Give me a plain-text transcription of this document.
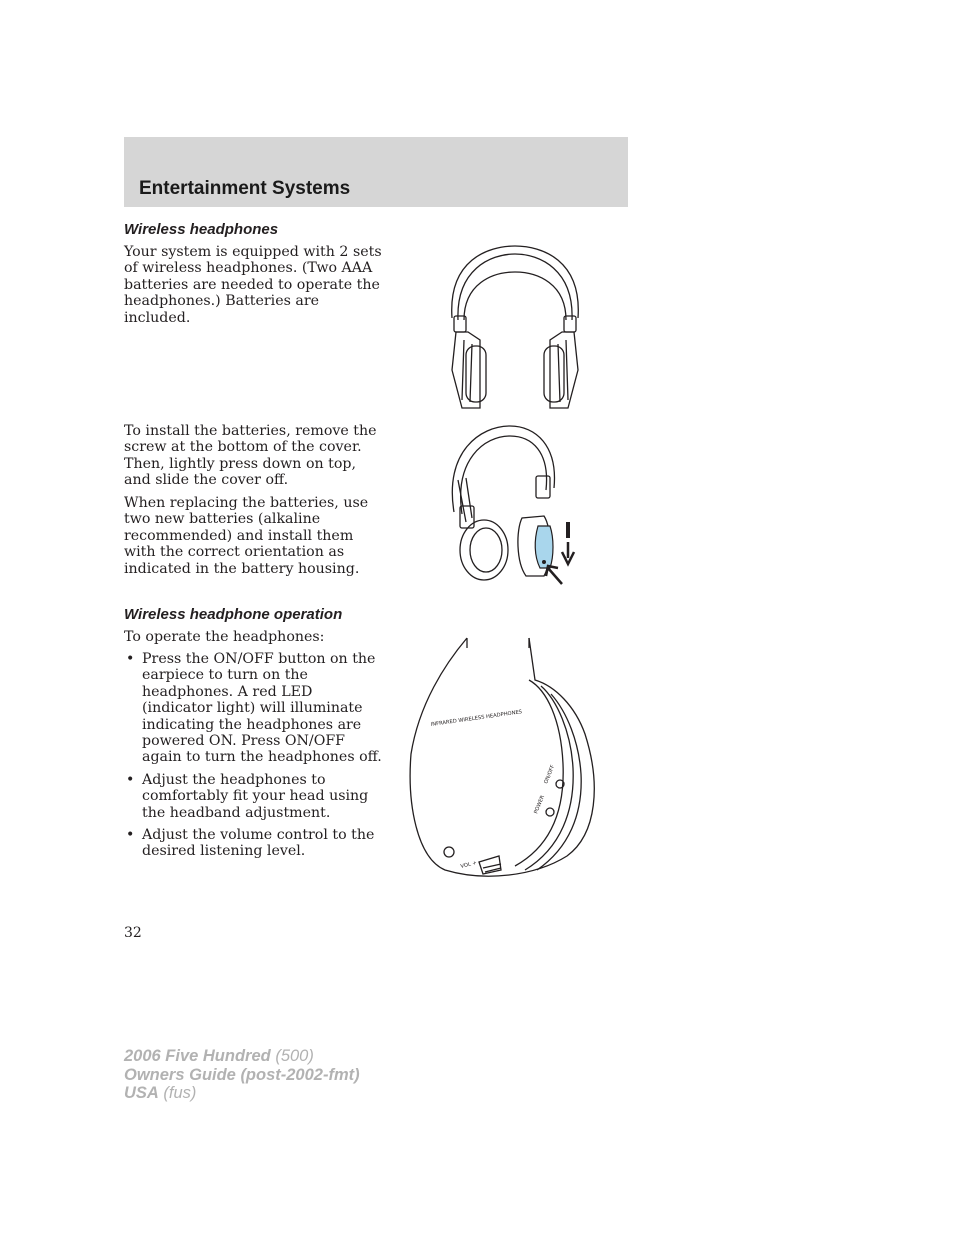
Entertainment Systems
Wireless headphones

Your system is equipped with 2 sets of wireless headphones. (Two AAA batteries are needed to operate the headphones.) Batteries are included.

To install the batteries, remove the screw at the bottom of the cover. Then, lightly press down on top, and slide the cover off.

When replacing the batteries, use two new batteries (alkaline recommended) and install them with the correct orientation as indicated in the battery housing.

Wireless headphone operation

To operate the headphones:

• Press the ON/OFF button on the earpiece to turn on the headphones. A red LED (indicator light) will illuminate indicating the headphones are powered ON. Press ON/OFF again to turn the headphones off.
• Adjust the headphones to comfortably fit your head using the headband adjustment.
• Adjust the volume control to the desired listening level.
INFRARED WIRELESS HEADPHONES
ON/OFF
POWER
VOL +
32
2006 Five Hundred (500)
Owners Guide (post-2002-fmt)
USA (fus)
